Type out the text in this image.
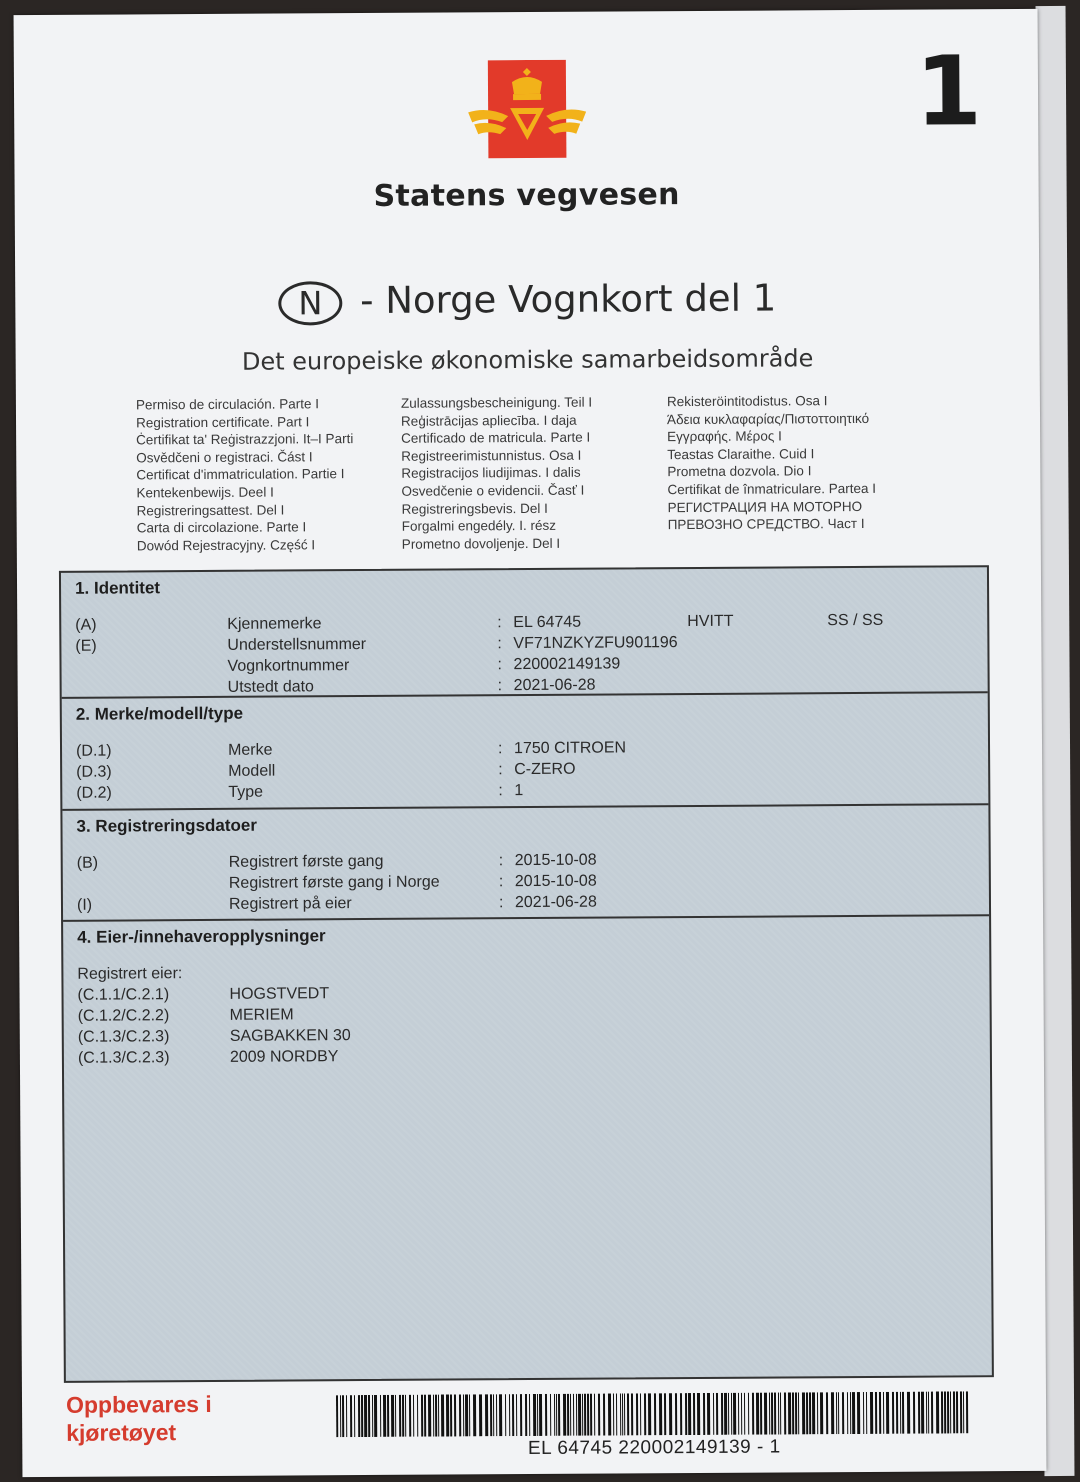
Statens vegvesen
1
N - Norge Vognkort del 1
Det europeiske økonomiske samarbeidsområde
Permiso de circulación. Parte I
Registration certificate. Part I
Ċertifikat ta' Reġistrazzjoni. It–I Parti
Osvědčeni o registraci. Část I
Certificat d'immatriculation. Partie I
Kentekenbewijs. Deel I
Registreringsattest. Del I
Carta di circolazione. Parte I
Dowód Rejestracyjny. Część I
Zulassungsbescheinigung. Teil I
Reģistrācijas apliecība. I daja
Certificado de matricula. Parte I
Registreerimistunnistus. Osa I
Registracijos liudijimas. I dalis
Osvedčenie o evidencii. Časť I
Registreringsbevis. Del I
Forgalmi engedély. I. rész
Prometno dovoljenje. Del I
Rekisteröintitodistus. Osa I
Άδεια κυκλαφαρίας/Πιστοττοιητικό
Εγγραφής. Μέρος I
Teastas Claraithe. Cuid I
Prometna dozvola. Dio I
Certifikat de înmatriculare. Partea I
РЕГИСТРАЦИЯ НА МОТОРНО
ПРЕВОЗНО СРЕДСТВО. Част I
1. Identitet
(A)	Kjennemerke	: EL 64745	HVITT	SS / SS
(E)	Understellsnummer	: VF71NZKYZFU901196
Vognkortnummer	: 220002149139
Utstedt dato	: 2021-06-28
2. Merke/modell/type
(D.1)	Merke	: 1750 CITROEN
(D.3)	Modell	: C-ZERO
(D.2)	Type	: 1
3. Registreringsdatoer
(B)	Registrert første gang	: 2015-10-08
Registrert første gang i Norge	: 2015-10-08
(I)	Registrert på eier	: 2021-06-28
4. Eier-/innehaveropplysninger
Registrert eier:
(C.1.1/C.2.1)	HOGSTVEDT
(C.1.2/C.2.2)	MERIEM
(C.1.3/C.2.3)	SAGBAKKEN 30
(C.1.3/C.2.3)	2009 NORDBY
Oppbevares i
kjøretøyet
EL 64745 220002149139 - 1
